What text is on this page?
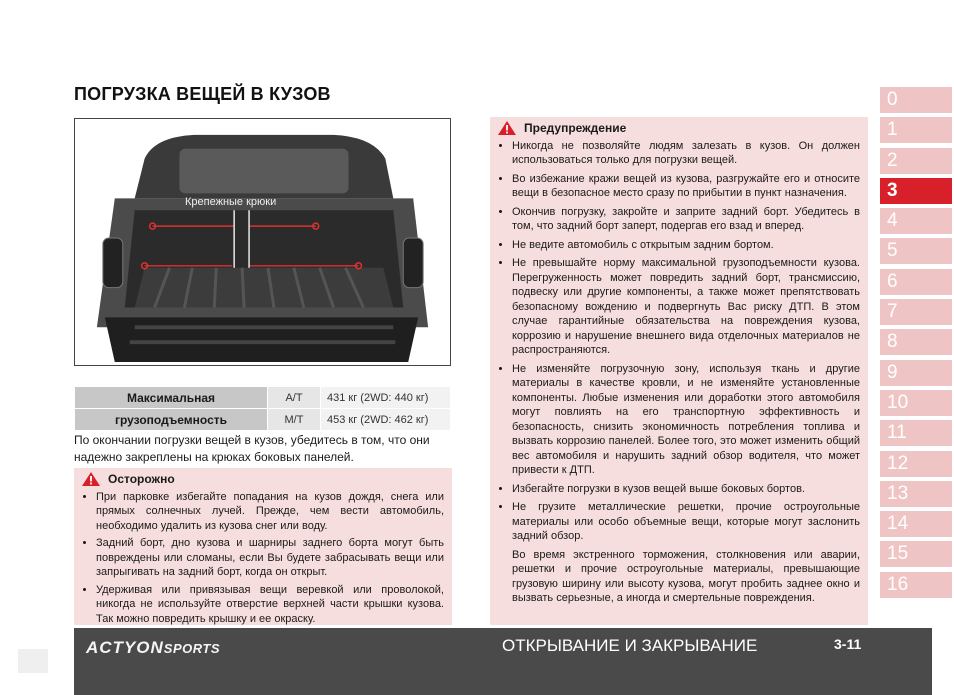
ПОГРУЗКА ВЕЩЕЙ В КУЗОВ
Крепежные крюки
Максимальная	A/T	431 кг (2WD: 440 кг)
грузоподъемность	M/T	453 кг (2WD: 462 кг)
По окончании погрузки вещей в кузов, убедитесь в том, что они надежно закреплены на крюках боковых панелей.
Осторожно
• При парковке избегайте попадания на кузов дождя, снега или прямых солнечных лучей. Прежде, чем вести автомобиль, необходимо удалить из кузова снег или воду.
• Задний борт, дно кузова и шарниры заднего борта могут быть повреждены или сломаны, если Вы будете забрасывать вещи или запрыгивать на задний борт, когда он открыт.
• Удерживая или привязывая вещи веревкой или проволокой, никогда не используйте отверстие верхней части крышки кузова. Так можно повредить крышку и ее окраску.
Предупреждение
• Никогда не позволяйте людям залезать в кузов. Он должен использоваться только для погрузки вещей.
• Во избежание кражи вещей из кузова, разгружайте его и относите вещи в безопасное место сразу по прибытии в пункт назначения.
• Окончив погрузку, закройте и заприте задний борт. Убедитесь в том, что задний борт заперт, подергав его взад и вперед.
• Не ведите автомобиль с открытым задним бортом.
• Не превышайте норму максимальной грузоподъемности кузова. Перегруженность может повредить задний борт, трансмиссию, подвеску или другие компоненты, а также может препятствовать безопасному вождению и подвергнуть Вас риску ДТП. В этом случае гарантийные обязательства на повреждения кузова, коррозию и нарушение внешнего вида отделочных материалов не распространяются.
• Не изменяйте погрузочную зону, используя ткань и другие материалы в качестве кровли, и не изменяйте установленные компоненты. Любые изменения или доработки этого автомобиля могут повлиять на его транспортную эффективность и безопасность, снизить экономичность потребления топлива и вызвать коррозию панелей. Более того, это может изменить общий вес автомобиля и нарушить задний обзор водителя, что может привести к ДТП.
• Избегайте погрузки в кузов вещей выше боковых бортов.
• Не грузите металлические решетки, прочие остроугольные материалы или особо объемные вещи, которые могут заслонить задний обзор.
Во время экстренного торможения, столкновения или аварии, решетки и прочие остроугольные материалы, превышающие грузовую ширину или высоту кузова, могут пробить заднее окно и вызвать серьезные, а иногда и смертельные повреждения.
0
1
2
3
4
5
6
7
8
9
10
11
12
13
14
15
16
ACTYONSPORTS	ОТКРЫВАНИЕ И ЗАКРЫВАНИЕ	3-11
